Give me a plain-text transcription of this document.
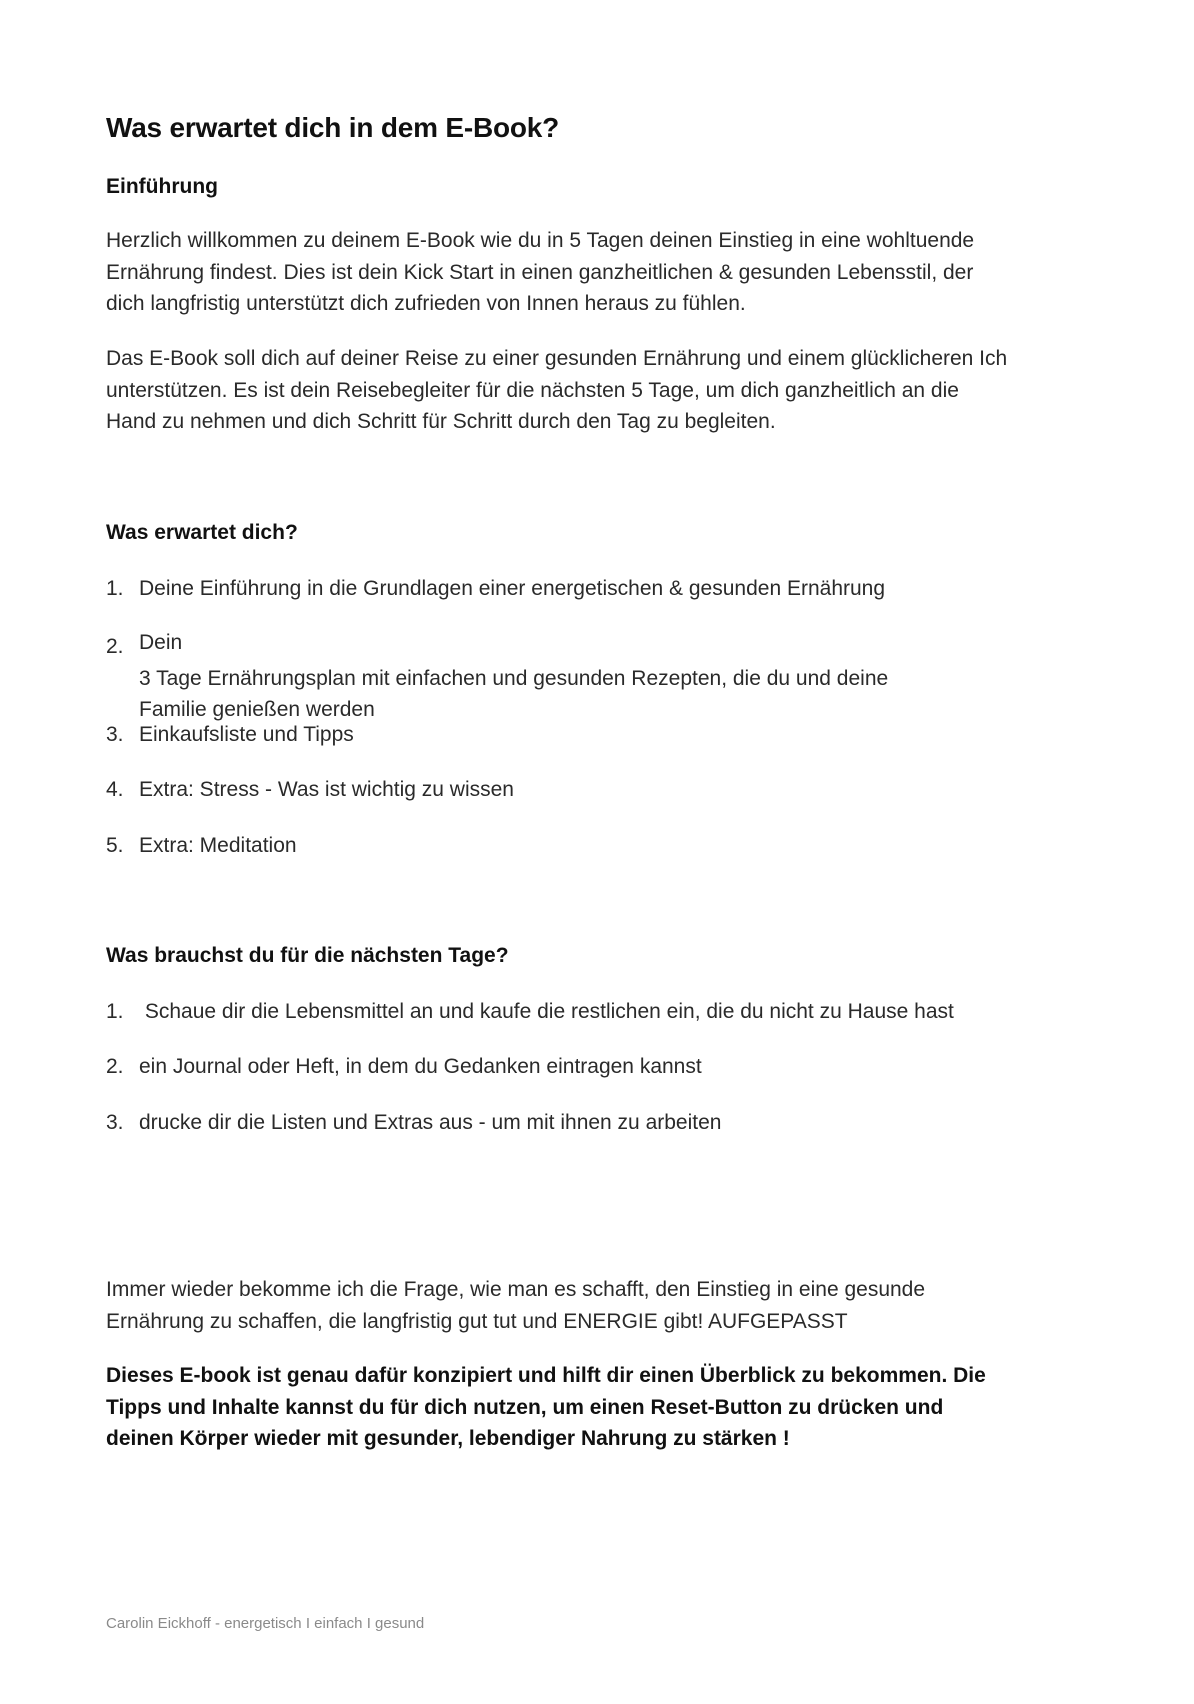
Was erwartet dich in dem E-Book?
Einführung
Herzlich willkommen zu deinem E-Book wie du in 5 Tagen deinen Einstieg in eine wohltuende
Ernährung findest. Dies ist dein Kick Start in einen ganzheitlichen & gesunden Lebensstil, der
dich langfristig unterstützt dich zufrieden von Innen heraus zu fühlen.
Das E-Book soll dich auf deiner Reise zu einer gesunden Ernährung und einem glücklicheren Ich
unterstützen. Es ist dein Reisebegleiter für die nächsten 5 Tage, um dich ganzheitlich an die
Hand zu nehmen und dich Schritt für Schritt durch den Tag zu begleiten.
Was erwartet dich?
1. Deine Einführung in die Grundlagen einer energetischen & gesunden Ernährung
2. Dein
3 Tage Ernährungsplan mit einfachen und gesunden Rezepten, die du und deine
Familie genießen werden
3. Einkaufsliste und Tipps
4. Extra: Stress - Was ist wichtig zu wissen
5. Extra: Meditation
Was brauchst du für die nächsten Tage?
1. Schaue dir die Lebensmittel an und kaufe die restlichen ein, die du nicht zu Hause hast
2. ein Journal oder Heft, in dem du Gedanken eintragen kannst
3. drucke dir die Listen und Extras aus - um mit ihnen zu arbeiten
Immer wieder bekomme ich die Frage, wie man es schafft, den Einstieg in eine gesunde
Ernährung zu schaffen, die langfristig gut tut und ENERGIE gibt! AUFGEPASST
Dieses E-book ist genau dafür konzipiert und hilft dir einen Überblick zu bekommen. Die
Tipps und Inhalte kannst du für dich nutzen, um einen Reset-Button zu drücken und
deinen Körper wieder mit gesunder, lebendiger Nahrung zu stärken !
Carolin Eickhoff - energetisch I einfach I gesund
